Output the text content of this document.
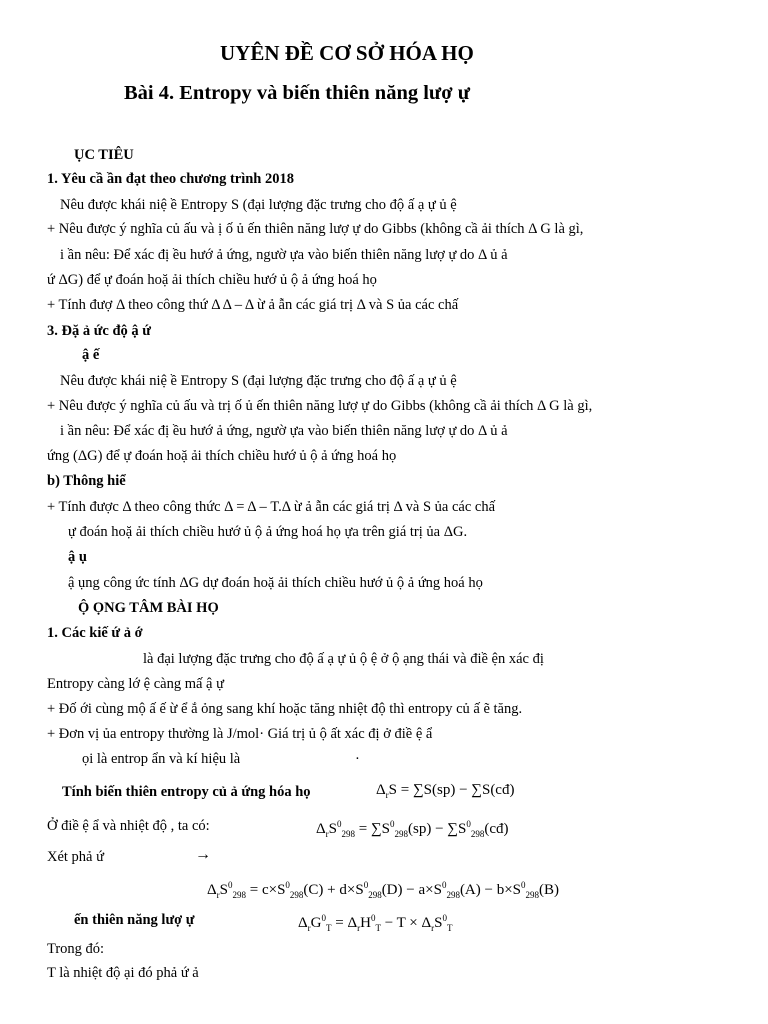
UYÊN ĐỀ CƠ SỞ HÓA HỌ
Bài 4. Entropy và biến thiên năng lượ ự
ỤC TIÊU
1. Yêu cầ ần đạt theo chương trình 2018
Nêu được khái niệ ề Entropy S (đại lượng đặc trưng cho độ ấ ạ ự ủ ệ
+ Nêu được ý nghĩa củ ấu và ị ố ủ ến thiên năng lượ ự do Gibbs (không cầ ải thích Δ G là gì,
i ần nêu: Để xác đị ều hướ ả ứng, ngườ ựa vào biến thiên năng lượ ự do Δ ủ ả
ứ ΔG) để ự đoán hoặ ải thích chiều hướ ủ ộ ả ứng hoá họ
+ Tính đượ Δ theo công thứ Δ Δ – Δ ừ ả ẫn các giá trị Δ và S ủa các chấ
3. Đặ ả ức độ ậ ứ
ậ ế
Nêu được khái niệ ề Entropy S (đại lượng đặc trưng cho độ ấ ạ ự ủ ệ
+ Nêu được ý nghĩa củ ấu và trị ố ủ ến thiên năng lượ ự do Gibbs (không cầ ải thích Δ G là gì,
i ần nêu: Để xác đị ều hướ ả ứng, ngườ ựa vào biến thiên năng lượ ự do Δ ủ ả
ứng (ΔG) để ự đoán hoặ ải thích chiều hướ ủ ộ ả ứng hoá họ
b) Thông hiể
+ Tính được Δ theo công thức Δ = Δ – T.Δ ừ ả ẫn các giá trị Δ và S ủa các chấ
ự đoán hoặ ải thích chiều hướ ủ ộ ả ứng hoá họ ựa trên giá trị ủa ΔG.
ậ ụ
ậ ụng công ức tính ΔG dự đoán hoặ ải thích chiều hướ ủ ộ ả ứng hoá họ
Ộ ỌNG TÂM BÀI HỌ
1. Các kiế ứ ả ớ
là đại lượng đặc trưng cho độ ấ ạ ự ủ ộ ệ ở ộ ạng thái và điề ện xác đị
Entropy càng lớ ệ càng mấ ậ ự
+ Đố ới cùng mộ ấ ế ừ ể ắ ỏng sang khí hoặc tăng nhiệt độ thì entropy củ ấ ẽ tăng.
+ Đơn vị ủa entropy thường là J/mol· Giá trị ủ ộ ất xác đị ở điề ệ ẩ
ọi là entrop ẩn và kí hiệu là	·
Tính biến thiên entropy củ ả ứng hóa họ	$\Delta_rS = \sum S(sp)$ − ∑S(cđ)
Ở điề ệ ẩ và nhiệt độ , ta có:	$\Delta_rS^0_{298} = \sum S^0_{298}(sp)$ − $\sum S^0_{298}(cđ)$
Xét phả ứ	→
$\Delta_rS^0_{298} = c\times S^0_{298}(C) + d\times S^0_{298}(D) - a\times S^0_{298}(A) - b\times S^0_{298}(B)$
ến thiên năng lượ ự	$\Delta_rG^0_T = \Delta_rH^0_T - T \times \Delta_rS^0_T$
Trong đó:
T là nhiệt độ ại đó phả ứ ả
